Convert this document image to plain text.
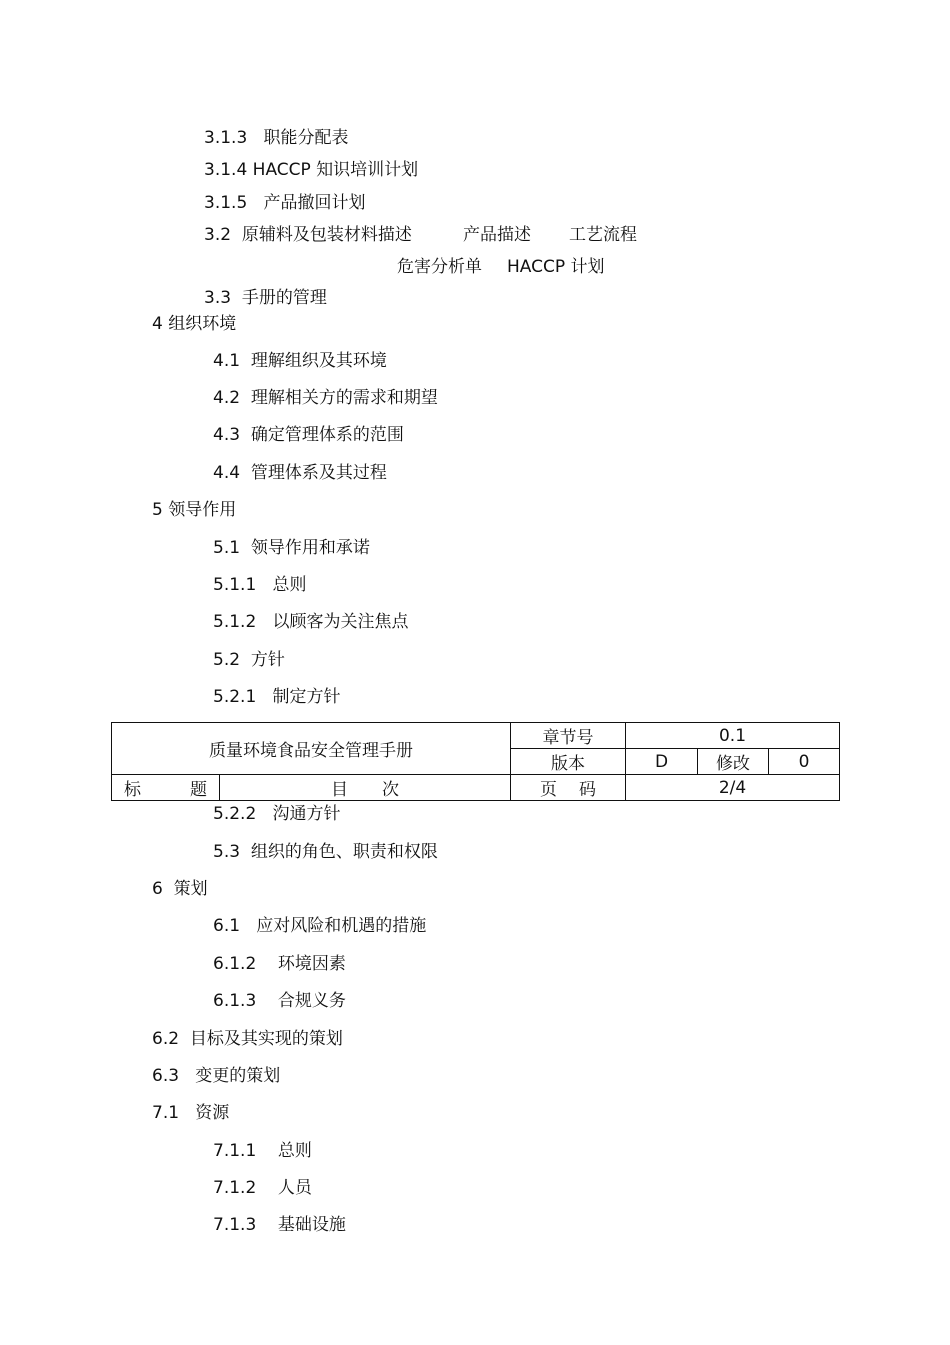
3.1.3 职能分配表
3.1.4 HACCP 知识培训计划
3.1.5 产品撤回计划
3.2 原辅料及包装材料描述	产品描述 工艺流程
危害分析单 HACCP 计划
3.3 手册的管理
4 组织环境
4.1 理解组织及其环境
4.2 理解相关方的需求和期望
4.3 确定管理体系的范围
4.4 管理体系及其过程
5 领导作用
5.1 领导作用和承诺
5.1.1 总则
5.1.2 以顾客为关注焦点
5.2 方针
5.2.1 制定方针
质量环境食品安全管理手册		章节号	0.1		
		版本	D	修改	0

标 题	目 次	页 码	2/4		
5.2.2 沟通方针
5.3 组织的角色、职责和权限
6 策划
6.1 应对风险和机遇的措施
6.1.2 环境因素
6.1.3 合规义务
6.2 目标及其实现的策划
6.3 变更的策划
7.1 资源
7.1.1 总则
7.1.2 人员
7.1.3 基础设施
